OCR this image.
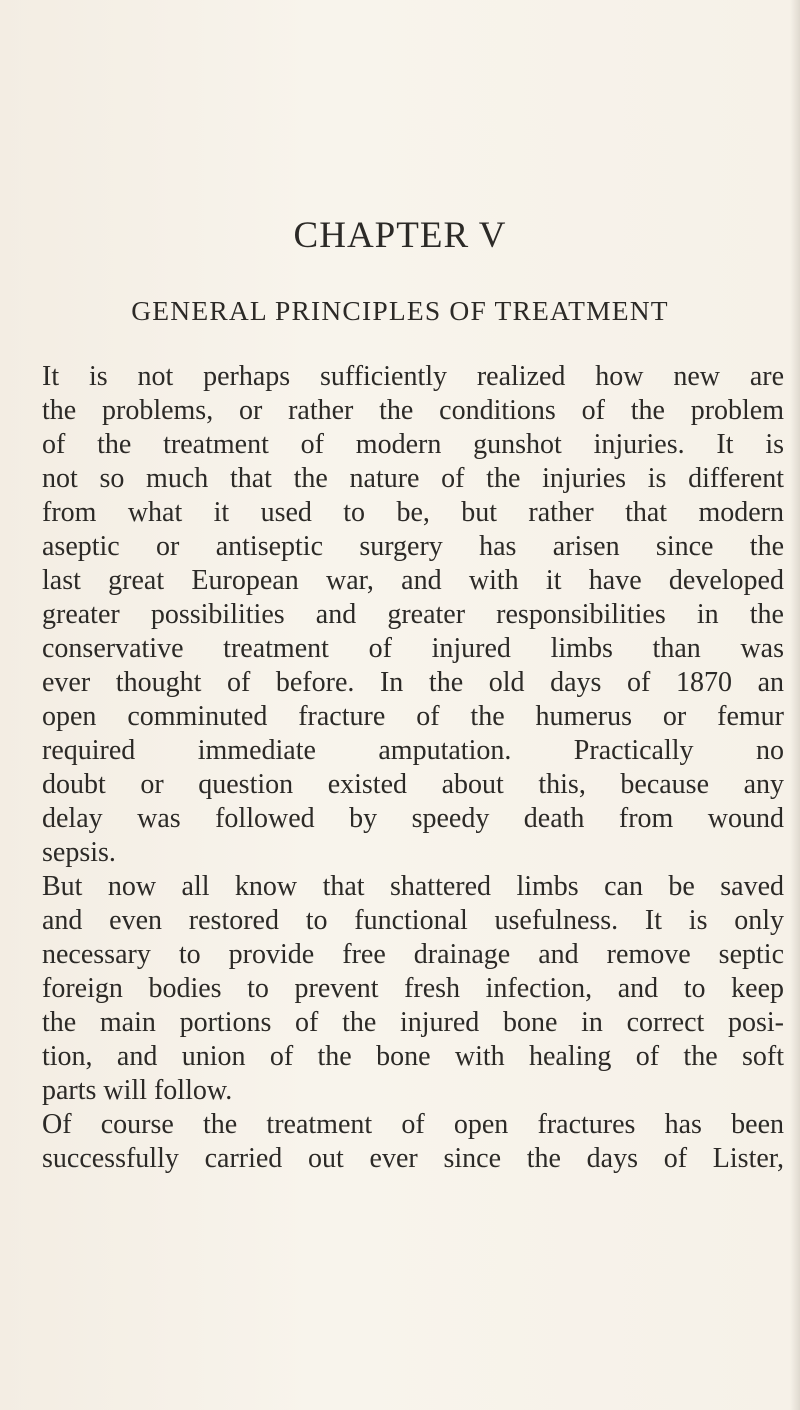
CHAPTER V
GENERAL PRINCIPLES OF TREATMENT
It is not perhaps sufficiently realized how new are
the problems, or rather the conditions of the problem
of the treatment of modern gunshot injuries. It is
not so much that the nature of the injuries is different
from what it used to be, but rather that modern
aseptic or antiseptic surgery has arisen since the
last great European war, and with it have developed
greater possibilities and greater responsibilities in the
conservative treatment of injured limbs than was
ever thought of before. In the old days of 1870 an
open comminuted fracture of the humerus or femur
required immediate amputation. Practically no
doubt or question existed about this, because any
delay was followed by speedy death from wound
sepsis.
But now all know that shattered limbs can be saved
and even restored to functional usefulness. It is only
necessary to provide free drainage and remove septic
foreign bodies to prevent fresh infection, and to keep
the main portions of the injured bone in correct posi-
tion, and union of the bone with healing of the soft
parts will follow.
Of course the treatment of open fractures has been
successfully carried out ever since the days of Lister,
